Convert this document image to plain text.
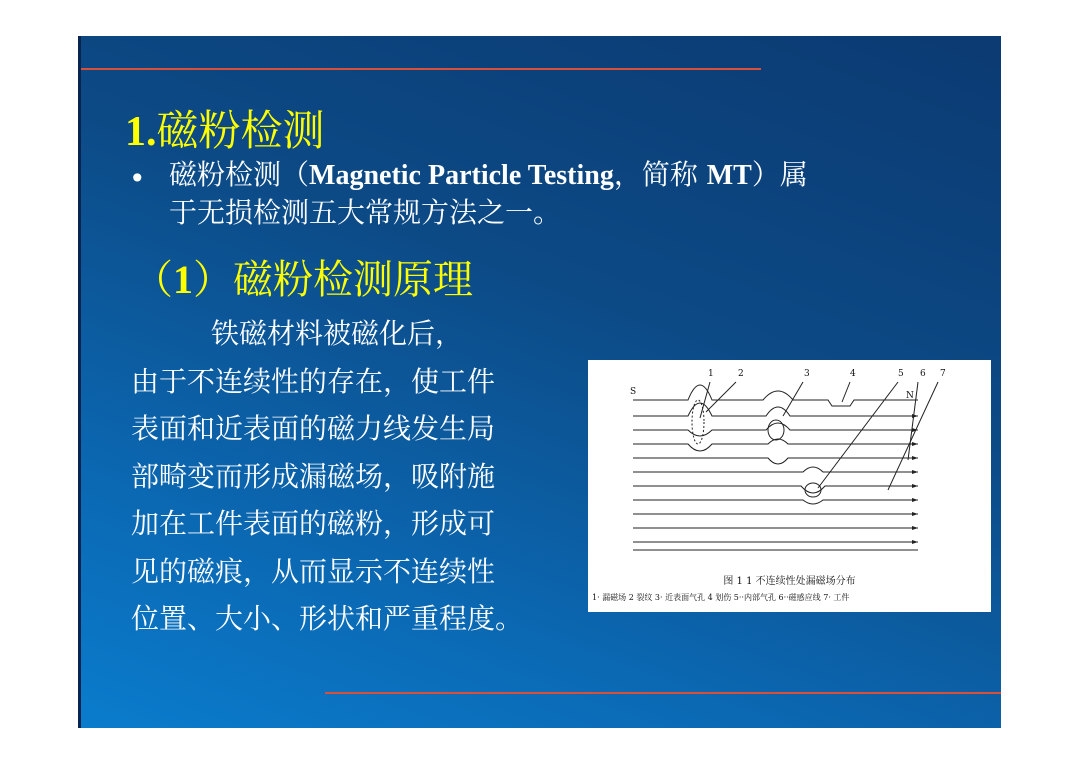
1.磁粉检测
• 磁粉检测（Magnetic Particle Testing，简称 MT）属
于无损检测五大常规方法之一。
（1）磁粉检测原理
铁磁材料被磁化后，
由于不连续性的存在，使工件
表面和近表面的磁力线发生局
部畸变而形成漏磁场，吸附施
加在工件表面的磁粉，形成可
见的磁痕，从而显示不连续性
位置、大小、形状和严重程度。
S	N
1	2	3	4	5 6 7
图 1 1 不连续性处漏磁场分布
1· 漏磁场 2 裂纹 3· 近表面气孔 4 划伤 5··内部气孔 6··磁感应线 7· 工件
